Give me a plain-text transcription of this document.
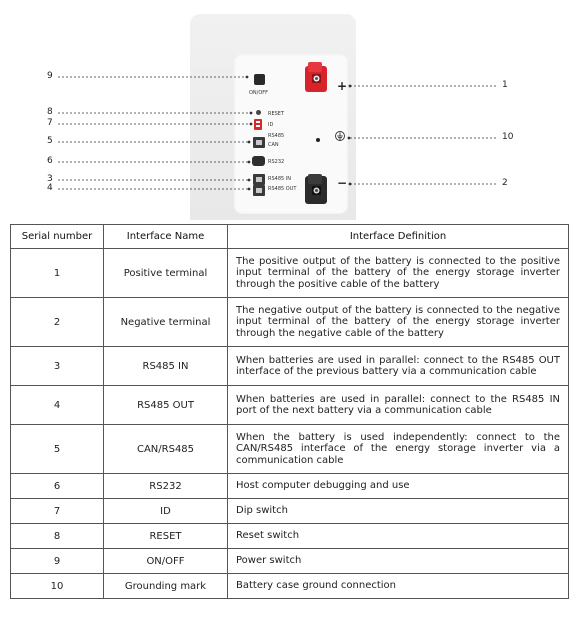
ON/OFF
RESET
ID
RS485
CAN
RS232
RS485 IN
RS485 OUT
+
−
9
8
7
5
6
3
4
1
10
2
Serial number	Interface Name	Interface Definition
1	Positive terminal	The positive output of the battery is connected to the positive input terminal of the battery of the energy storage inverter through the positive cable of the battery
2	Negative terminal	The negative output of the battery is connected to the negative input terminal of the battery of the energy storage inverter through the negative cable of the battery
3	RS485 IN	When batteries are used in parallel: connect to the RS485 OUT interface of the previous battery via a communication cable
4	RS485 OUT	When batteries are used in parallel: connect to the RS485 IN port of the next battery via a communication cable
5	CAN/RS485	When the battery is used independently: connect to the CAN/RS485 interface of the energy storage inverter via a communication cable
6	RS232	Host computer debugging and use
7	ID	Dip switch
8	RESET	Reset switch
9	ON/OFF	Power switch
10	Grounding mark	Battery case ground connection
